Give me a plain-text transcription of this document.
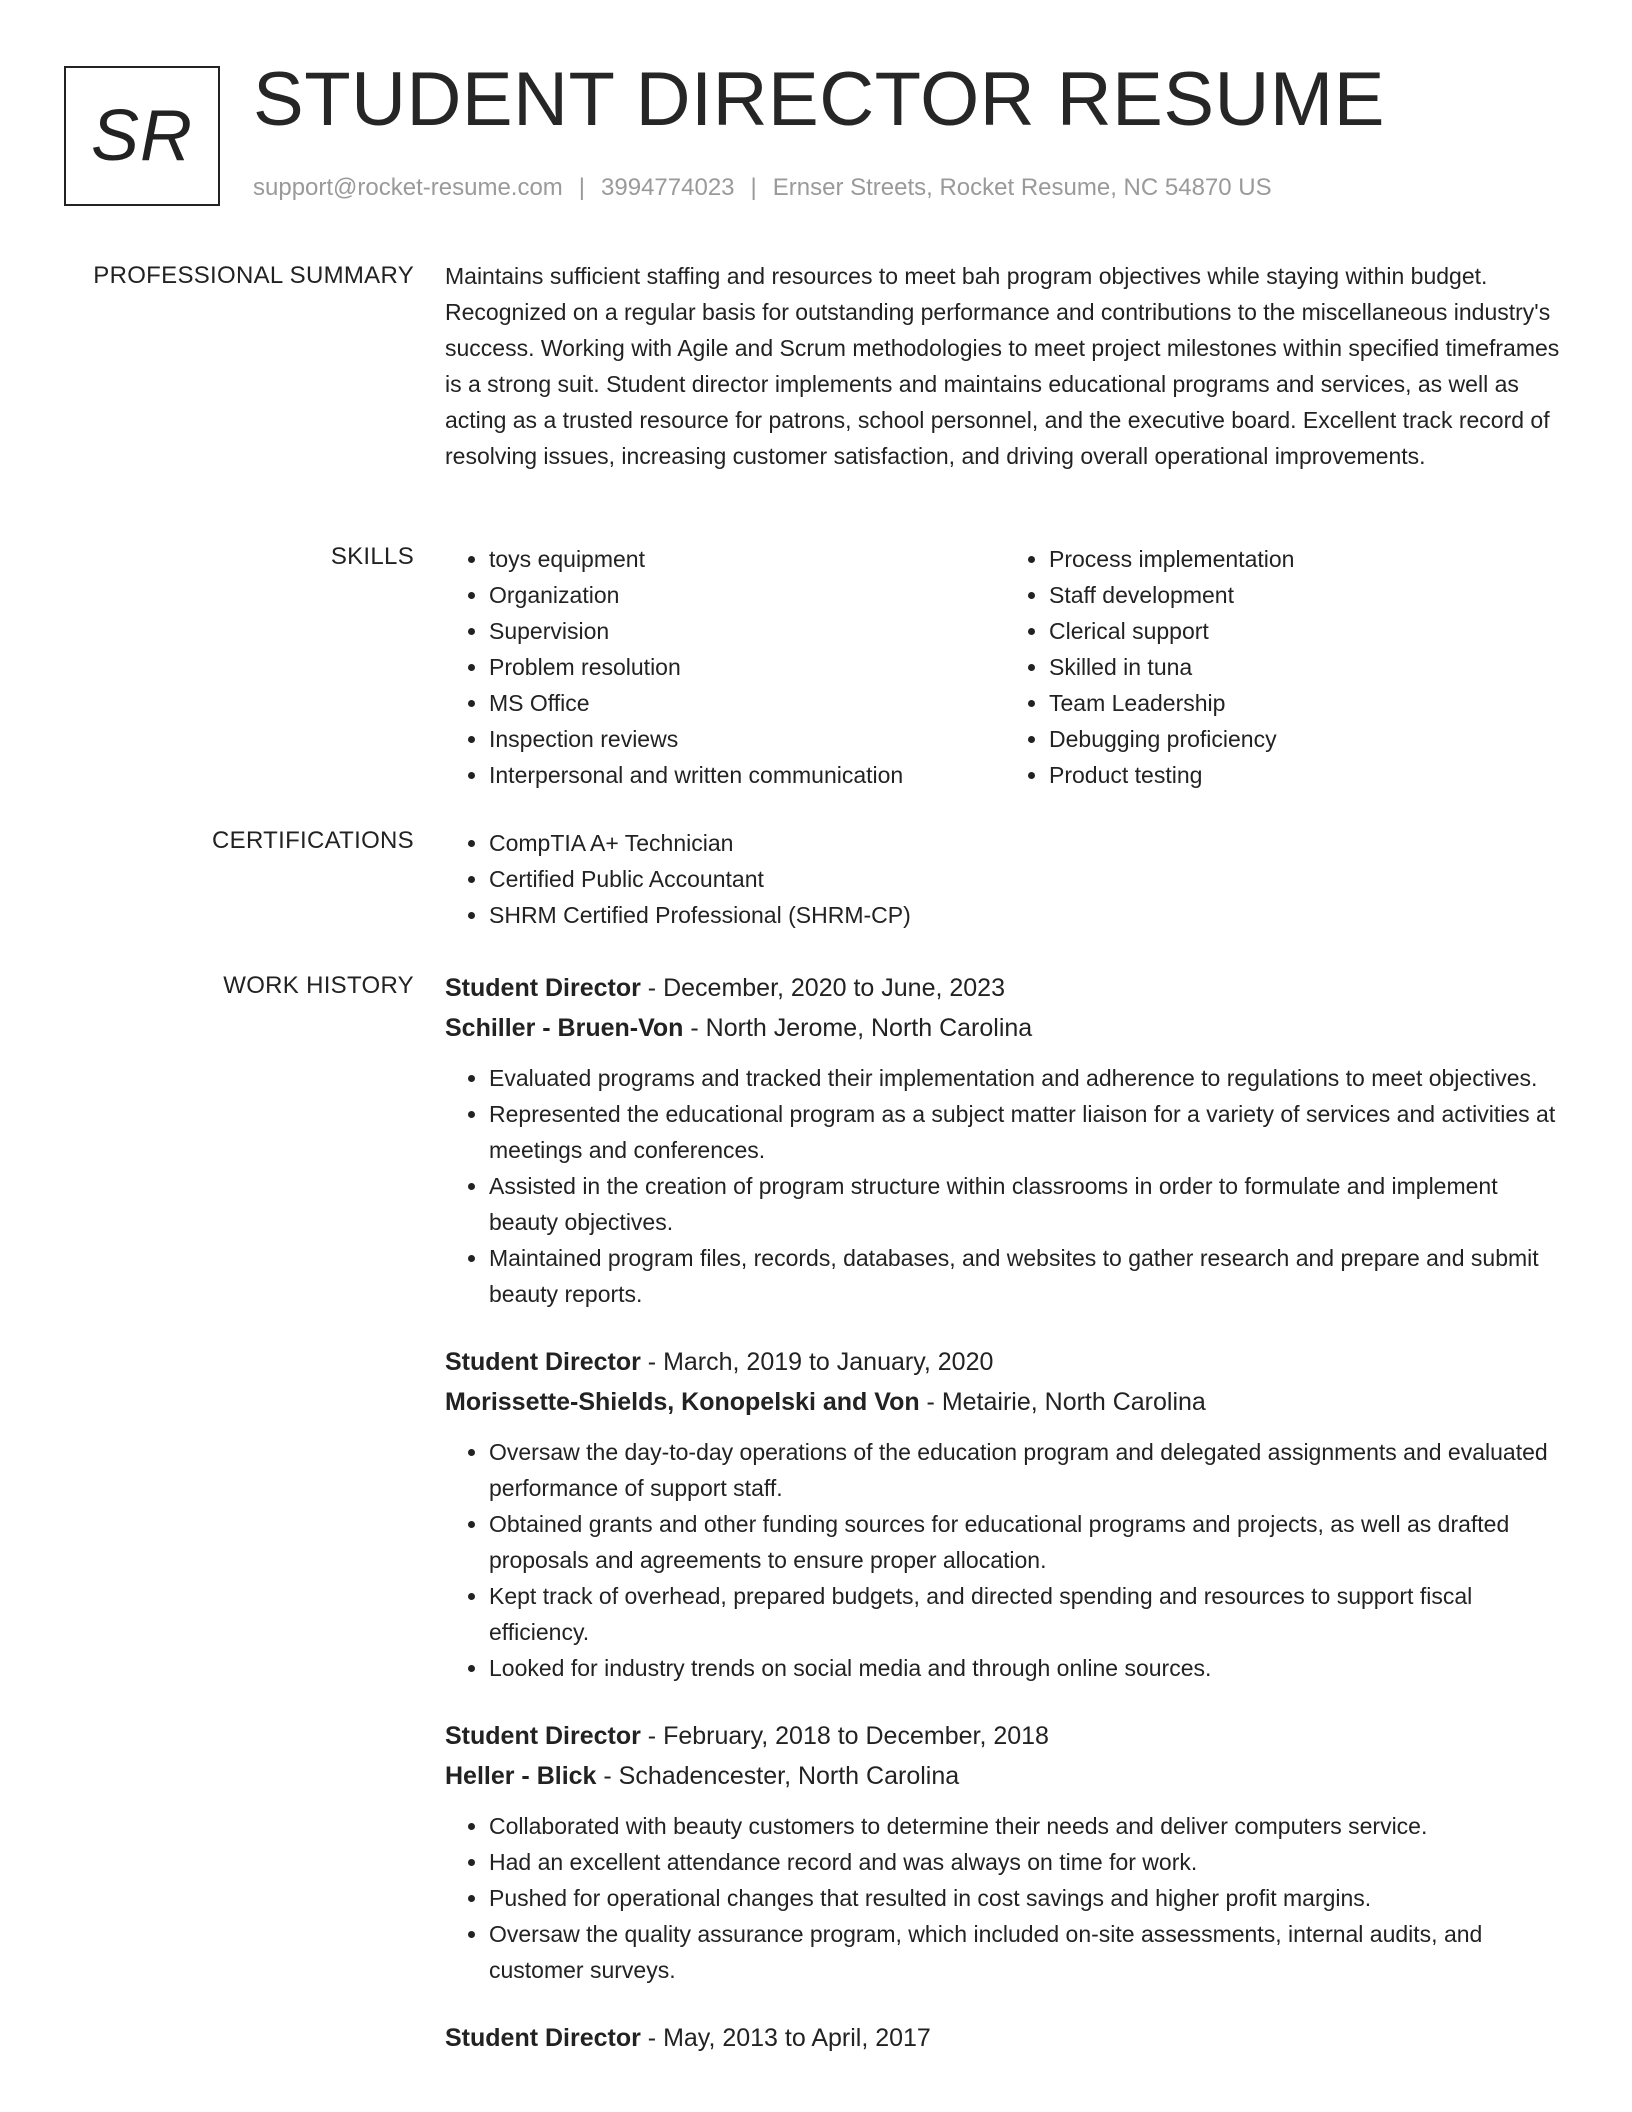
SR STUDENT DIRECTOR RESUME
support@rocket-resume.com | 3994774023 | Ernser Streets, Rocket Resume, NC 54870 US
PROFESSIONAL SUMMARY Maintains sufficient staffing and resources to meet bah program objectives while staying within budget. Recognized on a regular basis for outstanding performance and contributions to the miscellaneous industry's success. Working with Agile and Scrum methodologies to meet project milestones within specified timeframes is a strong suit. Student director implements and maintains educational programs and services, as well as acting as a trusted resource for patrons, school personnel, and the executive board. Excellent track record of resolving issues, increasing customer satisfaction, and driving overall operational improvements.
SKILLS	• toys equipment
• Organization
• Supervision
• Problem resolution
• MS Office
• Inspection reviews
• Interpersonal and written communication
• Process implementation
• Staff development
• Clerical support
• Skilled in tuna
• Team Leadership
• Debugging proficiency
• Product testing
CERTIFICATIONS	• CompTIA A+ Technician
• Certified Public Accountant
• SHRM Certified Professional (SHRM-CP)
WORK HISTORY Student Director - December, 2020 to June, 2023
Schiller - Bruen-Von - North Jerome, North Carolina
• Evaluated programs and tracked their implementation and adherence to regulations to meet objectives.
• Represented the educational program as a subject matter liaison for a variety of services and activities at meetings and conferences.
• Assisted in the creation of program structure within classrooms in order to formulate and implement beauty objectives.
• Maintained program files, records, databases, and websites to gather research and prepare and submit beauty reports.
Student Director - March, 2019 to January, 2020
Morissette-Shields, Konopelski and Von - Metairie, North Carolina
• Oversaw the day-to-day operations of the education program and delegated assignments and evaluated performance of support staff.
• Obtained grants and other funding sources for educational programs and projects, as well as drafted proposals and agreements to ensure proper allocation.
• Kept track of overhead, prepared budgets, and directed spending and resources to support fiscal efficiency.
• Looked for industry trends on social media and through online sources.
Student Director - February, 2018 to December, 2018
Heller - Blick - Schadencester, North Carolina
• Collaborated with beauty customers to determine their needs and deliver computers service.
• Had an excellent attendance record and was always on time for work.
• Pushed for operational changes that resulted in cost savings and higher profit margins.
• Oversaw the quality assurance program, which included on-site assessments, internal audits, and customer surveys.
Student Director - May, 2013 to April, 2017
